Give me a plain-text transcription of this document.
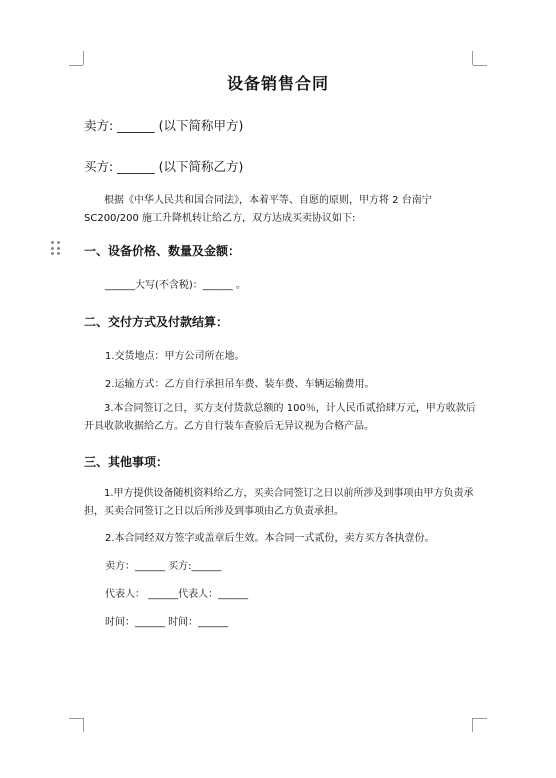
设备销售合同
卖方: ______ (以下简称甲方)
买方: ______ (以下简称乙方)
根据《中华人民共和国合同法》，本着平等、自愿的原则，甲方将 2 台南宁 SC200/200 施工升降机转让给乙方，双方达成买卖协议如下:
一、设备价格、数量及金额：
______大写(不含税)：______ 。
二、交付方式及付款结算：
1.交货地点：甲方公司所在地。
2.运输方式：乙方自行承担吊车费、装车费、车辆运输费用。
3.本合同签订之日，买方支付货款总额的 100％，计人民币贰拾肆万元，甲方收款后开具收款收据给乙方。乙方自行装车查验后无异议视为合格产品。
三、其他事项：
1.甲方提供设备随机资料给乙方，买卖合同签订之日以前所涉及到事项由甲方负责承担，买卖合同签订之日以后所涉及到事项由乙方负责承担。
2.本合同经双方签字或盖章后生效。本合同一式贰份，卖方买方各执壹份。
卖方：______ 买方:______
代表人： ______代表人：______
时间：______ 时间：______
